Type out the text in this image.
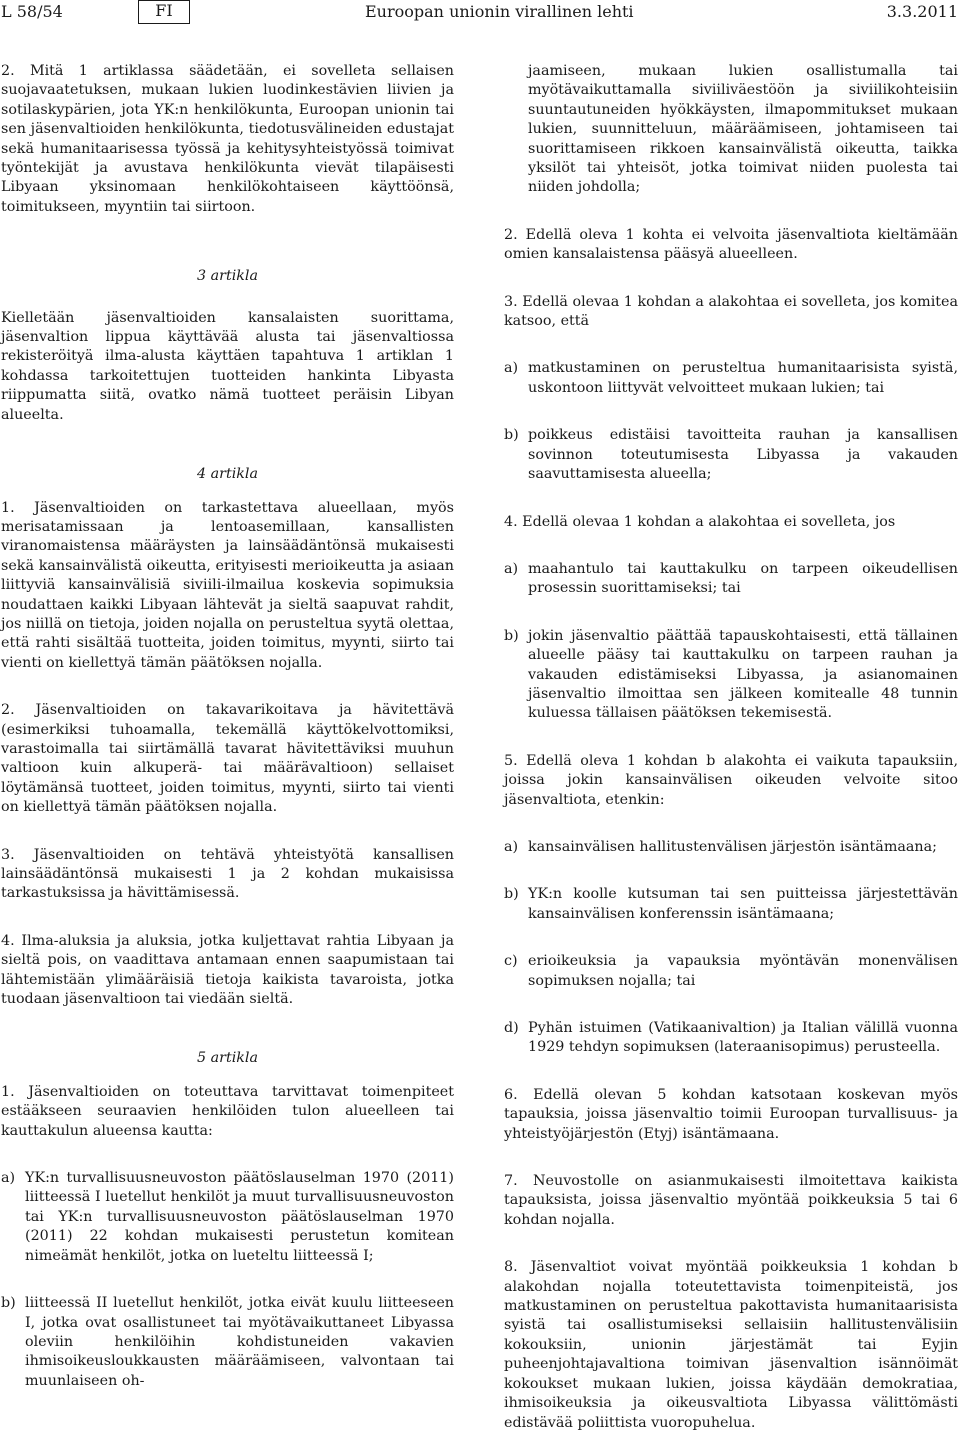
L 58/54	FI	Euroopan unionin virallinen lehti	3.3.2011

2. Mitä 1 artiklassa säädetään, ei sovelleta sellaisen suojavaatetuksen, mukaan lukien luodinkestävien liivien ja sotilaskypärien, jota YK:n henkilökunta, Euroopan unionin tai sen jäsenvaltioiden henkilökunta, tiedotusvälineiden edustajat sekä humanitaarisessa työssä ja kehitysyhteistyössä toimivat työntekijät ja avustava henkilökunta vievät tilapäisesti Libyaan yksinomaan henkilökohtaiseen käyttöönsä, toimitukseen, myyntiin tai siirtoon.

3 artikla

Kielletään jäsenvaltioiden kansalaisten suorittama, jäsenvaltion lippua käyttävää alusta tai jäsenvaltiossa rekisteröityä ilma-alusta käyttäen tapahtuva 1 artiklan 1 kohdassa tarkoitettujen tuotteiden hankinta Libyasta riippumatta siitä, ovatko nämä tuotteet peräisin Libyan alueelta.

4 artikla

1. Jäsenvaltioiden on tarkastettava alueellaan, myös merisatamissaan ja lentoasemillaan, kansallisten viranomaistensa määräysten ja lainsäädäntönsä mukaisesti sekä kansainvälistä oikeutta, erityisesti merioikeutta ja asiaan liittyviä kansainvälisiä siviili-ilmailua koskevia sopimuksia noudattaen kaikki Libyaan lähtevät ja sieltä saapuvat rahdit, jos niillä on tietoja, joiden nojalla on perusteltua syytä olettaa, että rahti sisältää tuotteita, joiden toimitus, myynti, siirto tai vienti on kiellettyä tämän päätöksen nojalla.

2. Jäsenvaltioiden on takavarikoitava ja hävitettävä (esimerkiksi tuhoamalla, tekemällä käyttökelvottomiksi, varastoimalla tai siirtämällä tavarat hävitettäviksi muuhun valtioon kuin alkuperä- tai määrävaltioon) sellaiset löytämänsä tuotteet, joiden toimitus, myynti, siirto tai vienti on kiellettyä tämän päätöksen nojalla.

3. Jäsenvaltioiden on tehtävä yhteistyötä kansallisen lainsäädäntönsä mukaisesti 1 ja 2 kohdan mukaisissa tarkastuksissa ja hävittämisessä.

4. Ilma-aluksia ja aluksia, jotka kuljettavat rahtia Libyaan ja sieltä pois, on vaadittava antamaan ennen saapumistaan tai lähtemistään ylimääräisiä tietoja kaikista tavaroista, jotka tuodaan jäsenvaltioon tai viedään sieltä.

5 artikla

1. Jäsenvaltioiden on toteuttava tarvittavat toimenpiteet estääkseen seuraavien henkilöiden tulon alueelleen tai kauttakulun alueensa kautta:

a) YK:n turvallisuusneuvoston päätöslauselman 1970 (2011) liitteessä I luetellut henkilöt ja muut turvallisuusneuvoston tai YK:n turvallisuusneuvoston päätöslauselman 1970 (2011) 22 kohdan mukaisesti perustetun komitean nimeämät henkilöt, jotka on lueteltu liitteessä I;
b) liitteessä II luetellut henkilöt, jotka eivät kuulu liitteeseen I, jotka ovat osallistuneet tai myötävaikuttaneet Libyassa oleviin henkilöihin kohdistuneiden vakavien ihmisoikeusloukkausten määräämiseen, valvontaan tai muunlaiseen oh-
jaamiseen, mukaan lukien osallistumalla tai myötävaikuttamalla siviiliväestöön ja siviilikohteisiin suuntautuneiden hyökkäysten, ilmapommitukset mukaan lukien, suunnitteluun, määräämiseen, johtamiseen tai suorittamiseen rikkoen kansainvälistä oikeutta, taikka yksilöt tai yhteisöt, jotka toimivat niiden puolesta tai niiden johdolla;

2. Edellä oleva 1 kohta ei velvoita jäsenvaltiota kieltämään omien kansalaistensa pääsyä alueelleen.

3. Edellä olevaa 1 kohdan a alakohtaa ei sovelleta, jos komitea katsoo, että

a) matkustaminen on perusteltua humanitaarisista syistä, uskontoon liittyvät velvoitteet mukaan lukien; tai
b) poikkeus edistäisi tavoitteita rauhan ja kansallisen sovinnon toteutumisesta Libyassa ja vakauden saavuttamisesta alueella;

4. Edellä olevaa 1 kohdan a alakohtaa ei sovelleta, jos

a) maahantulo tai kauttakulku on tarpeen oikeudellisen prosessin suorittamiseksi; tai
b) jokin jäsenvaltio päättää tapauskohtaisesti, että tällainen alueelle pääsy tai kauttakulku on tarpeen rauhan ja vakauden edistämiseksi Libyassa, ja asianomainen jäsenvaltio ilmoittaa sen jälkeen komitealle 48 tunnin kuluessa tällaisen päätöksen tekemisestä.

5. Edellä oleva 1 kohdan b alakohta ei vaikuta tapauksiin, joissa jokin kansainvälisen oikeuden velvoite sitoo jäsenvaltiota, etenkin:

a) kansainvälisen hallitustenvälisen järjestön isäntämaana;
b) YK:n koolle kutsuman tai sen puitteissa järjestettävän kansainvälisen konferenssin isäntämaana;
c) erioikeuksia ja vapauksia myöntävän monenvälisen sopimuksen nojalla; tai
d) Pyhän istuimen (Vatikaanivaltion) ja Italian välillä vuonna 1929 tehdyn sopimuksen (lateraanisopimus) perusteella.

6. Edellä olevan 5 kohdan katsotaan koskevan myös tapauksia, joissa jäsenvaltio toimii Euroopan turvallisuus- ja yhteistyöjärjestön (Etyj) isäntämaana.

7. Neuvostolle on asianmukaisesti ilmoitettava kaikista tapauksista, joissa jäsenvaltio myöntää poikkeuksia 5 tai 6 kohdan nojalla.

8. Jäsenvaltiot voivat myöntää poikkeuksia 1 kohdan b alakohdan nojalla toteutettavista toimenpiteistä, jos matkustaminen on perusteltua pakottavista humanitaarisista syistä tai osallistumiseksi sellaisiin hallitustenvälisiin kokouksiin, unionin järjestämät tai Eyjin puheenjohtajavaltiona toimivan jäsenvaltion isännöimät kokoukset mukaan lukien, joissa käydään demokratiaa, ihmisoikeuksia ja oikeusvaltiota Libyassa välittömästi edistävää poliittista vuoropuhelua.
